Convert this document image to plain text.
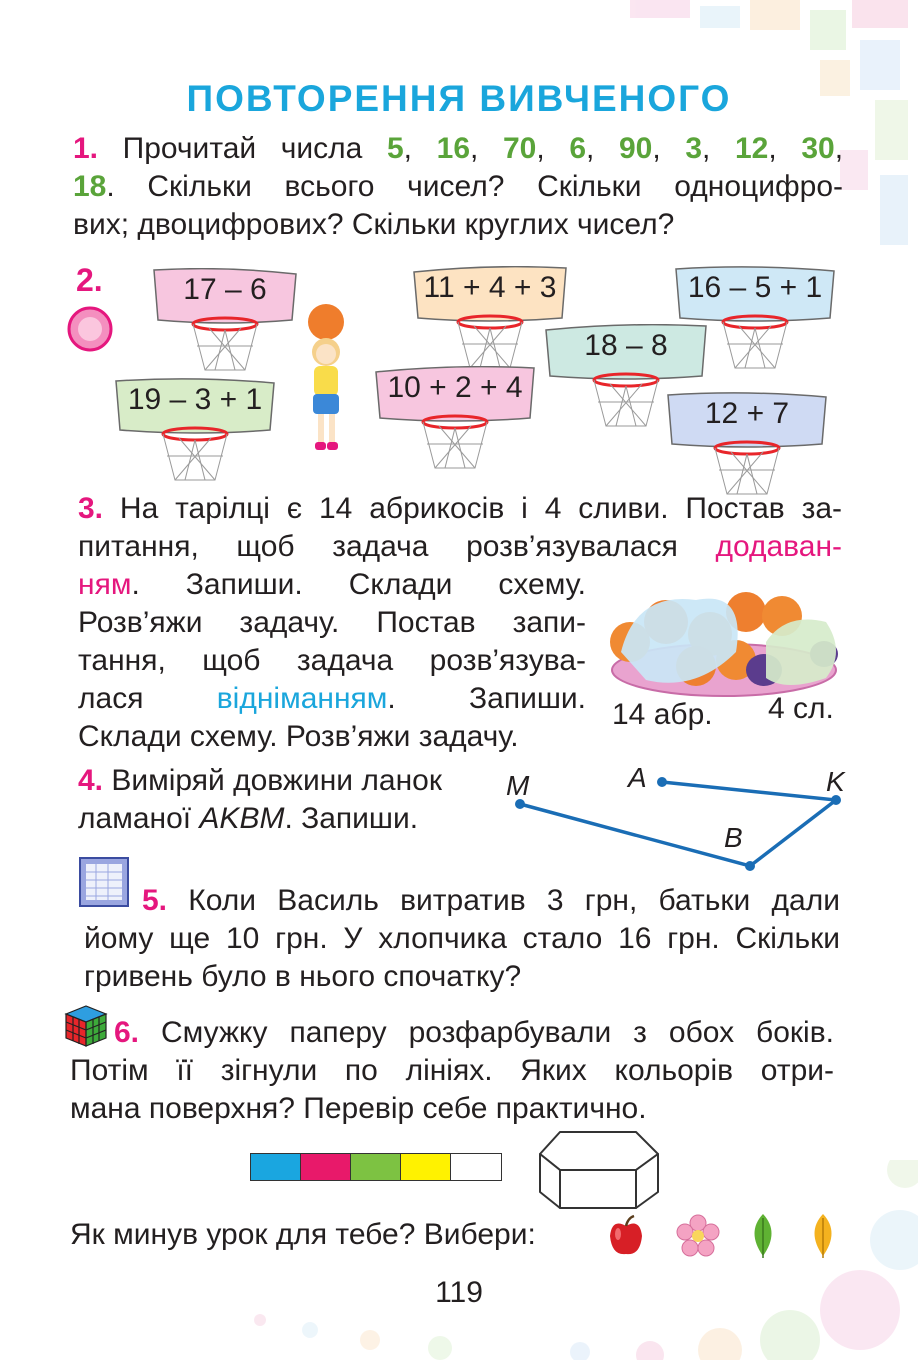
ПОВТОРЕННЯ ВИВЧЕНОГО
1. Прочитай числа 5, 16, 70, 6, 90, 3, 12, 30,
18. Скільки всього чисел? Скільки одноцифро-
вих; двоцифрових? Скільки круглих чисел?
2.	17 – 6	11 + 4 + 3	16 – 5 + 1
18 – 8
19 – 3 + 1	10 + 2 + 4
12 + 7
3. На тарілці є 14 абрикосів і 4 сливи. Постав за-
питання, щоб задача розв’язувалася додаван-
ням. Запиши. Склади схему.
Розв’яжи задачу. Постав запи-
тання, щоб задача розв’язува-
лася відніманням. Запиши.
Склади схему. Розв’яжи задачу.
14 абр. 4 сл.
4. Виміряй довжини ланок
ламаної AKBM. Запиши.
A	K
B
M
5. Коли Василь витратив 3 грн, батьки дали
йому ще 10 грн. У хлопчика стало 16 грн. Скільки
гривень було в нього спочатку?
6. Смужку паперу розфарбували з обох боків.
Потім її зігнули по лініях. Яких кольорів отри-
мана поверхня? Перевір себе практично.
Як минув урок для тебе? Вибери:
119
